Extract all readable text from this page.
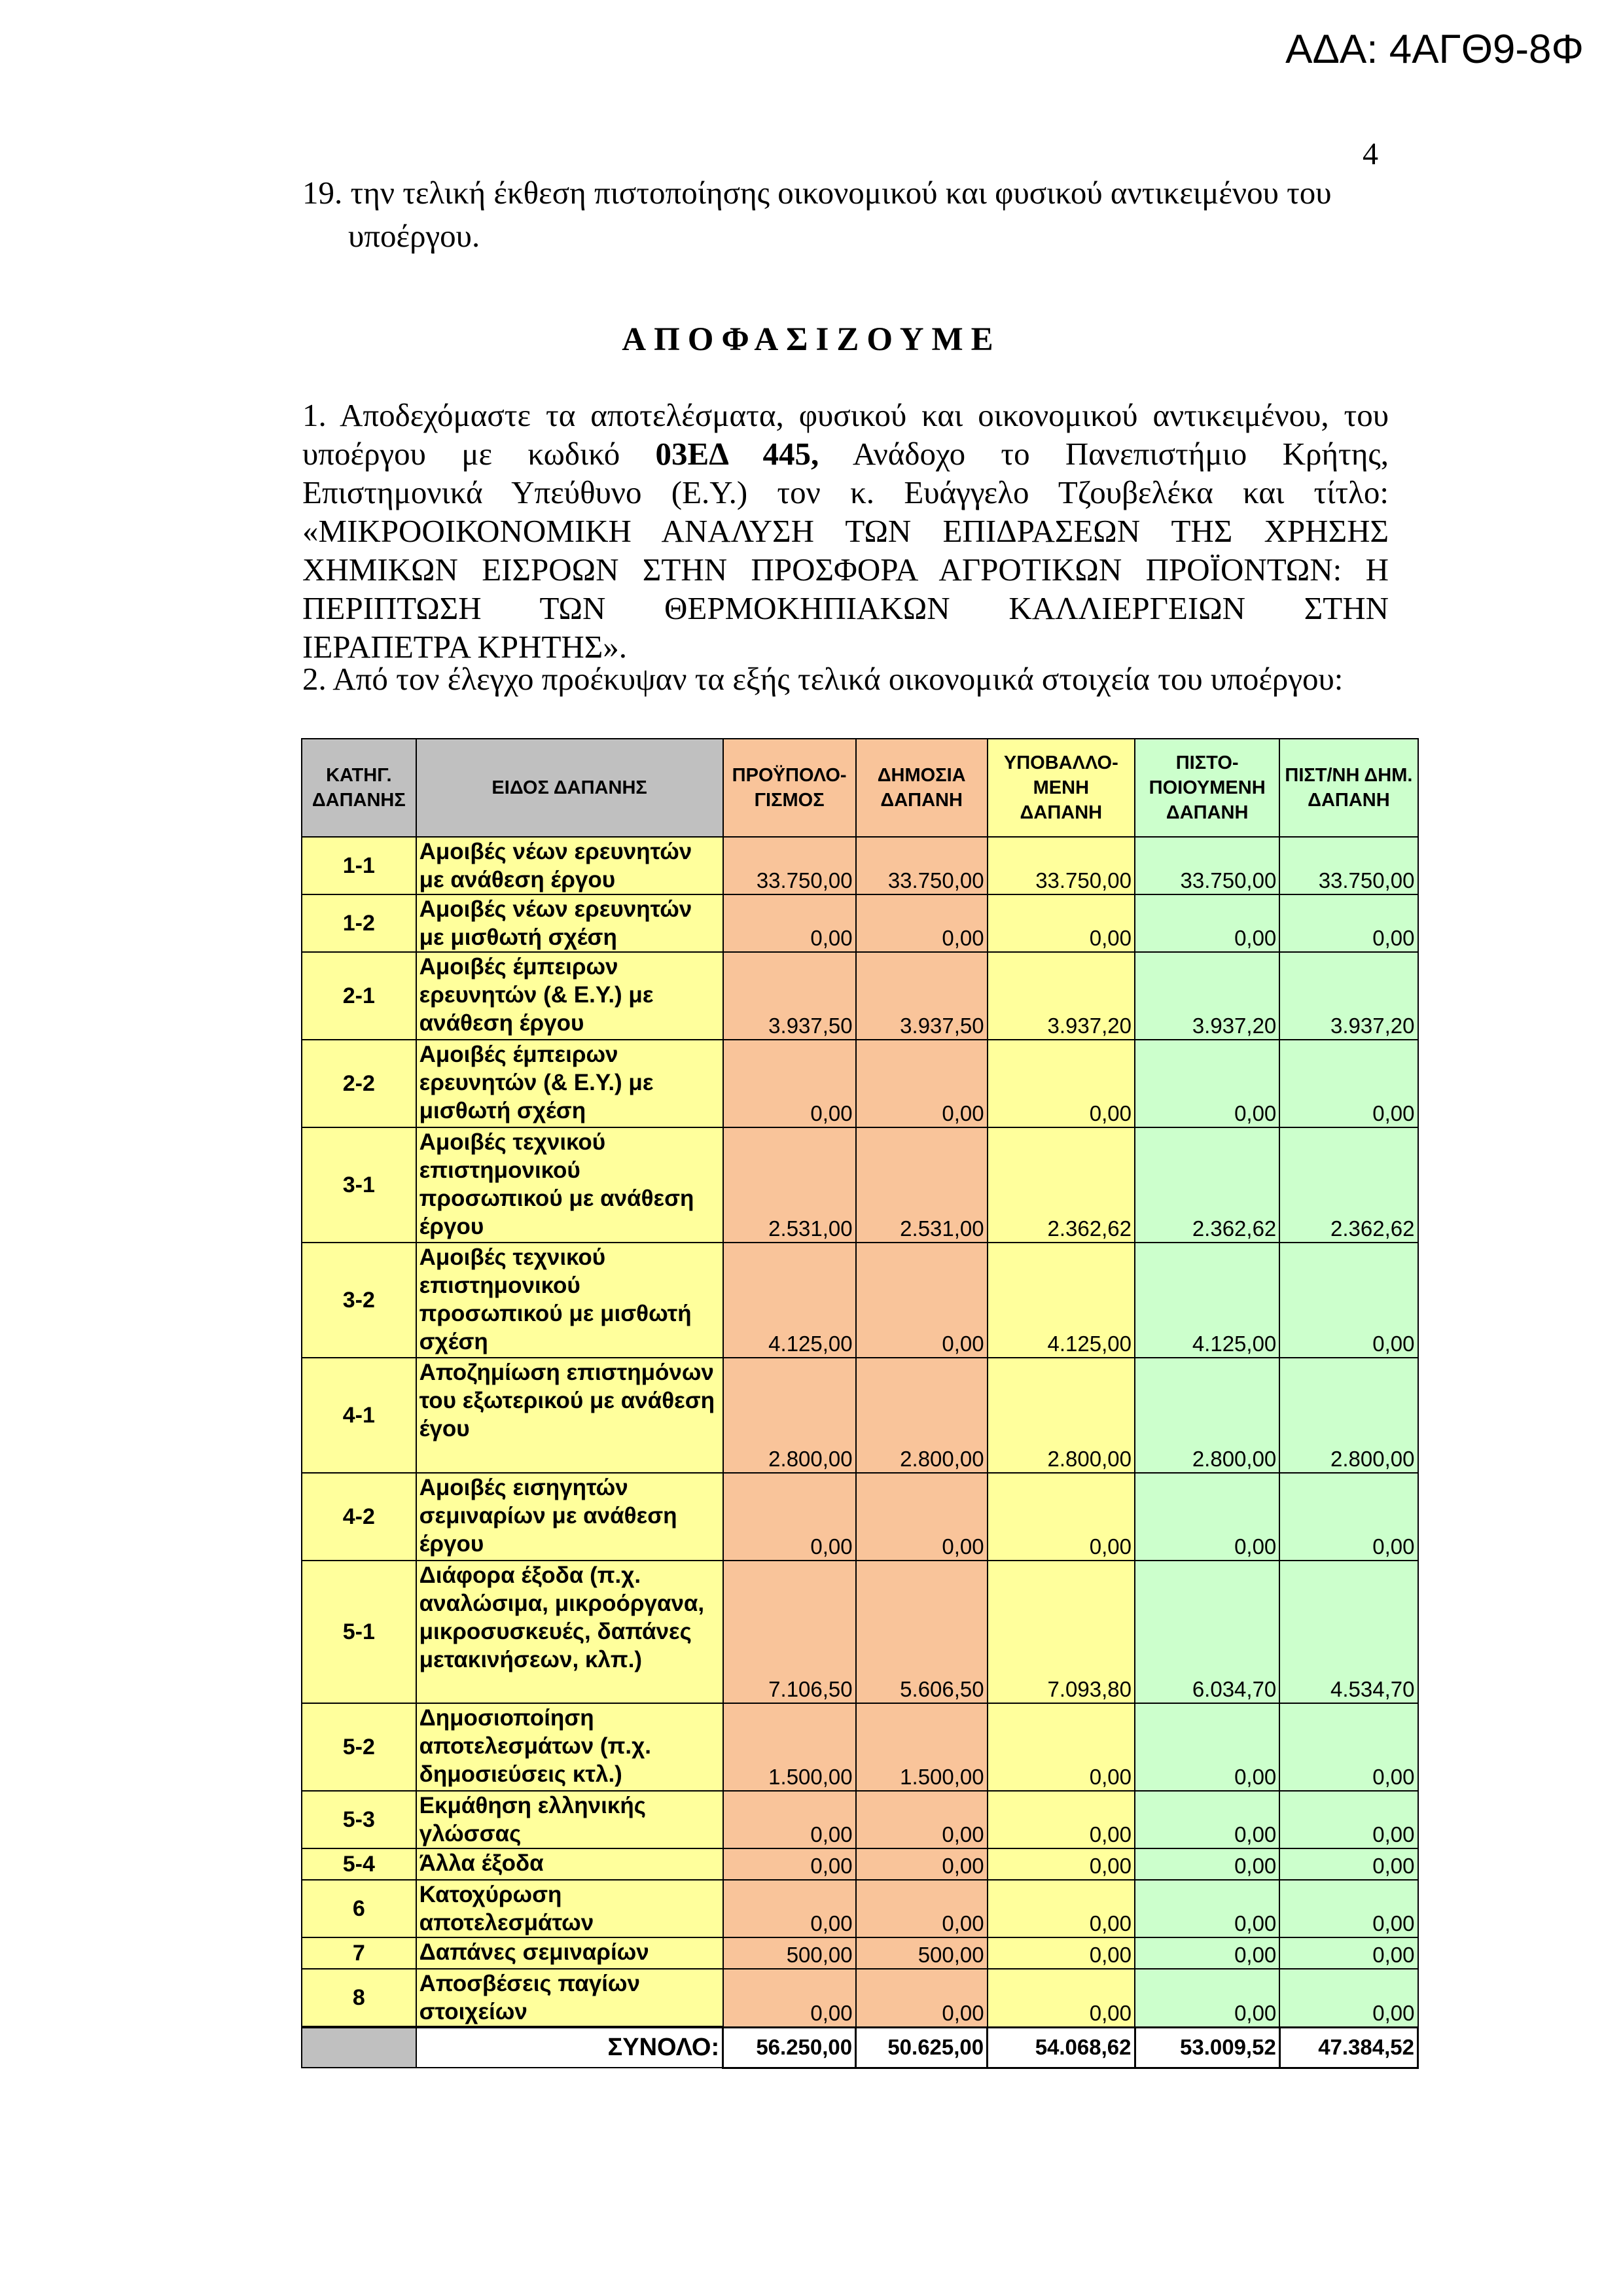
ΑΔΑ: 4ΑΓΘ9-8Φ
4
19. την τελική έκθεση πιστοποίησης οικονομικού και φυσικού αντικειμένου του
υποέργου.
ΑΠΟΦΑΣΙΖΟΥΜΕ

1. Αποδεχόμαστε τα αποτελέσματα, φυσικού και οικονομικού αντικειμένου, του

υποέργου με κωδικό 03ΕΔ 445, Ανάδοχο το Πανεπιστήμιο Κρήτης,

Επιστημονικά Υπεύθυνο (Ε.Υ.) τον κ. Ευάγγελο Τζουβελέκα και τίτλο:

«ΜΙΚΡΟΟΙΚΟΝΟΜΙΚΗ ΑΝΑΛΥΣΗ ΤΩΝ ΕΠΙΔΡΑΣΕΩΝ ΤΗΣ ΧΡΗΣΗΣ

ΧΗΜΙΚΩΝ ΕΙΣΡΟΩΝ ΣΤΗΝ ΠΡΟΣΦΟΡΑ ΑΓΡΟΤΙΚΩΝ ΠΡΟΪΟΝΤΩΝ: Η

ΠΕΡΙΠΤΩΣΗ ΤΩΝ ΘΕΡΜΟΚΗΠΙΑΚΩΝ ΚΑΛΛΙΕΡΓΕΙΩΝ ΣΤΗΝ

ΙΕΡΑΠΕΤΡΑ ΚΡΗΤΗΣ».

2. Από τον έλεγχο προέκυψαν τα εξής τελικά οικονομικά στοιχεία του υποέργου:
ΚΑΤΗΓ. ΔΑΠΑΝΗΣ	ΕΙΔΟΣ ΔΑΠΑΝΗΣ	ΠΡΟΫΠΟΛΟ-ΓΙΣΜΟΣ	ΔΗΜΟΣΙΑ ΔΑΠΑΝΗ	ΥΠΟΒΑΛΛΟ-ΜΕΝΗ ΔΑΠΑΝΗ	ΠΙΣΤΟ-ΠΟΙΟΥΜΕΝΗ ΔΑΠΑΝΗ	ΠΙΣΤ/ΝΗ ΔΗΜ. ΔΑΠΑΝΗ
1-1	Αμοιβές νέων ερευνητών με ανάθεση έργου	33.750,00	33.750,00	33.750,00	33.750,00	33.750,00
1-2	Αμοιβές νέων ερευνητών με μισθωτή σχέση	0,00	0,00	0,00	0,00	0,00
2-1	Αμοιβές έμπειρων ερευνητών (& Ε.Υ.) με ανάθεση έργου	3.937,50	3.937,50	3.937,20	3.937,20	3.937,20
2-2	Αμοιβές έμπειρων ερευνητών (& Ε.Υ.) με μισθωτή σχέση	0,00	0,00	0,00	0,00	0,00
3-1	Αμοιβές τεχνικού επιστημονικού προσωπικού με ανάθεση έργου	2.531,00	2.531,00	2.362,62	2.362,62	2.362,62
3-2	Αμοιβές τεχνικού επιστημονικού προσωπικού με μισθωτή σχέση	4.125,00	0,00	4.125,00	4.125,00	0,00
4-1	Αποζημίωση επιστημόνων του εξωτερικού με ανάθεση έγου	2.800,00	2.800,00	2.800,00	2.800,00	2.800,00
4-2	Αμοιβές εισηγητών σεμιναρίων με ανάθεση έργου	0,00	0,00	0,00	0,00	0,00
5-1	Διάφορα έξοδα (π.χ. αναλώσιμα, μικροόργανα, μικροσυσκευές, δαπάνες μετακινήσεων, κλπ.)	7.106,50	5.606,50	7.093,80	6.034,70	4.534,70
5-2	Δημοσιοποίηση αποτελεσμάτων (π.χ. δημοσιεύσεις κτλ.)	1.500,00	1.500,00	0,00	0,00	0,00
5-3	Εκμάθηση ελληνικής γλώσσας	0,00	0,00	0,00	0,00	0,00
5-4	Άλλα έξοδα	0,00	0,00	0,00	0,00	0,00
6	Κατοχύρωση αποτελεσμάτων	0,00	0,00	0,00	0,00	0,00
7	Δαπάνες σεμιναρίων	500,00	500,00	0,00	0,00	0,00
8	Αποσβέσεις παγίων στοιχείων	0,00	0,00	0,00	0,00	0,00
	ΣΥΝΟΛΟ:	56.250,00	50.625,00	54.068,62	53.009,52	47.384,52
